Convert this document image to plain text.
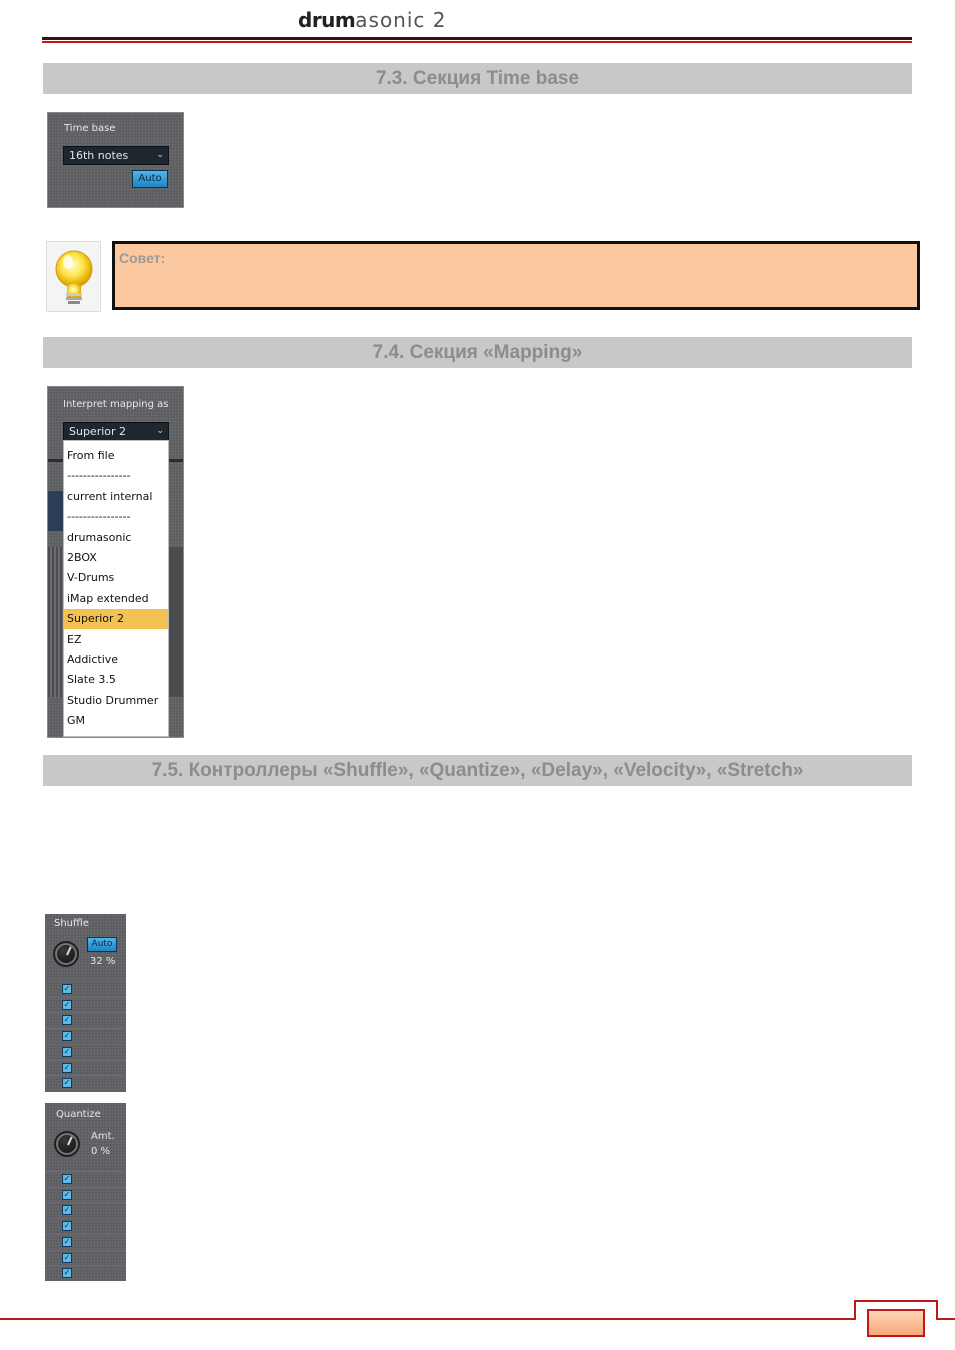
drumasonic 2
7.3. Секция Time base
Time base
16th notes	⌄
Auto
Совет:
7.4. Секция «Mapping»
Interpret mapping as
Superior 2	⌄
From file
----------------
current internal
----------------
drumasonic
2BOX
V-Drums
iMap extended
Superior 2
EZ
Addictive
Slate 3.5
Studio Drummer
GM
7.5. Контроллеры «Shuffle», «Quantize», «Delay», «Velocity», «Stretch»
Shuffle
Auto
32 %
✓
✓
✓
✓
✓
✓
✓
Quantize
Amt.
0 %
✓
✓
✓
✓
✓
✓
✓
